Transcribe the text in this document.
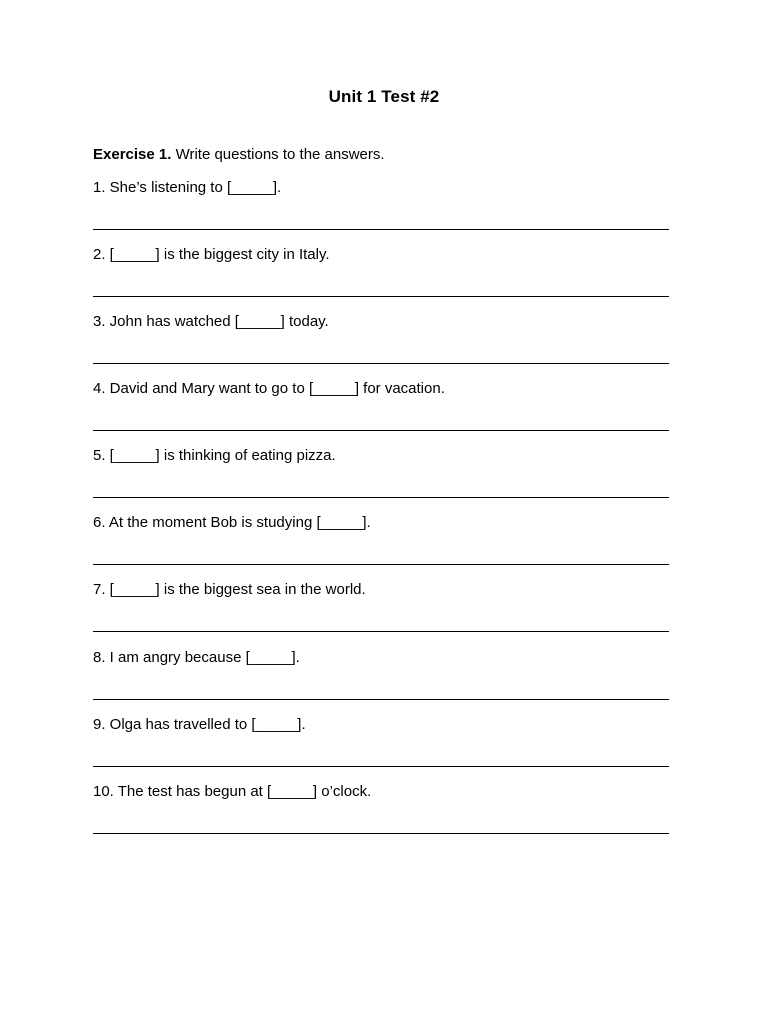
Unit 1 Test #2
Exercise 1. Write questions to the answers.
1. She’s listening to [_____].
2. [_____] is the biggest city in Italy.
3. John has watched [_____] today.
4. David and Mary want to go to [_____] for vacation.
5. [_____] is thinking of eating pizza.
6. At the moment Bob is studying [_____].
7. [_____] is the biggest sea in the world.
8. I am angry because [_____].
9. Olga has travelled to [_____].
10. The test has begun at [_____] o’clock.
